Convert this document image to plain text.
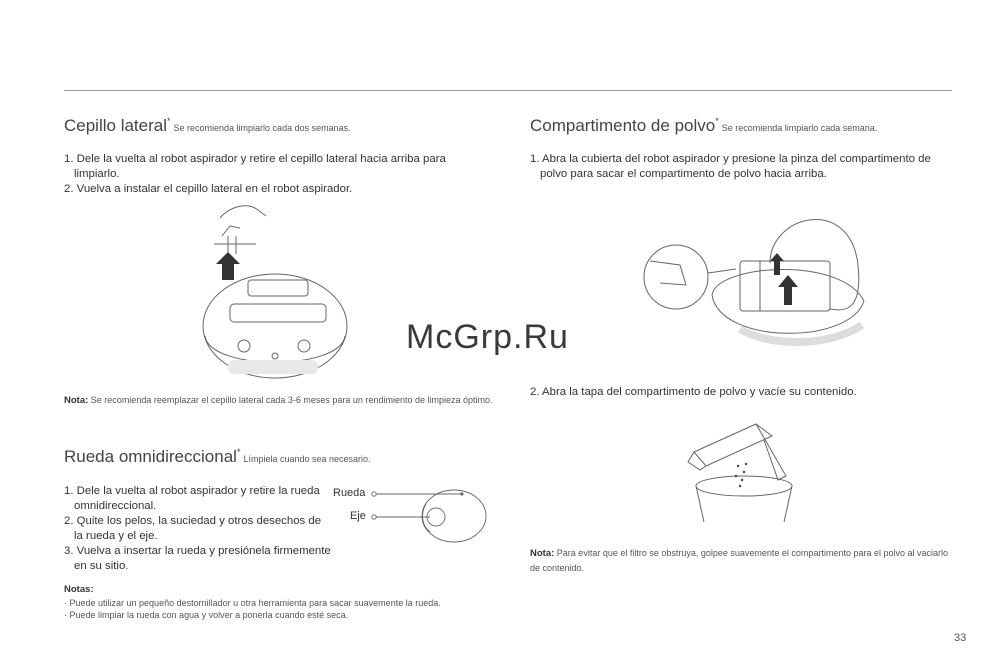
Cepillo lateral*Se recomienda limpiarlo cada dos semanas.
1. Dele la vuelta al robot aspirador y retire el cepillo lateral hacia arriba para limpiarlo.
2. Vuelva a instalar el cepillo lateral en el robot aspirador.
Nota: Se recomienda reemplazar el cepillo lateral cada 3-6 meses para un rendimiento de limpieza óptimo.
Rueda omnidireccional*Límpiela cuando sea necesario.
1. Dele la vuelta al robot aspirador y retire la rueda omnidireccional.
2. Quite los pelos, la suciedad y otros desechos de la rueda y el eje.
3. Vuelva a insertar la rueda y presiónela firmemente en su sitio.
Rueda
Eje
Notas:
· Puede utilizar un pequeño destornillador u otra herramienta para sacar suavemente la rueda.
· Puede limpiar la rueda con agua y volver a ponerla cuando esté seca.
Compartimento de polvo*Se recomienda limpiarlo cada semana.
1. Abra la cubierta del robot aspirador y presione la pinza del compartimento de polvo para sacar el compartimento de polvo hacia arriba.
2. Abra la tapa del compartimento de polvo y vacíe su contenido.
Nota: Para evitar que el filtro se obstruya, golpee suavemente el compartimento para el polvo al vaciarlo de contenido.
McGrp.Ru
33
